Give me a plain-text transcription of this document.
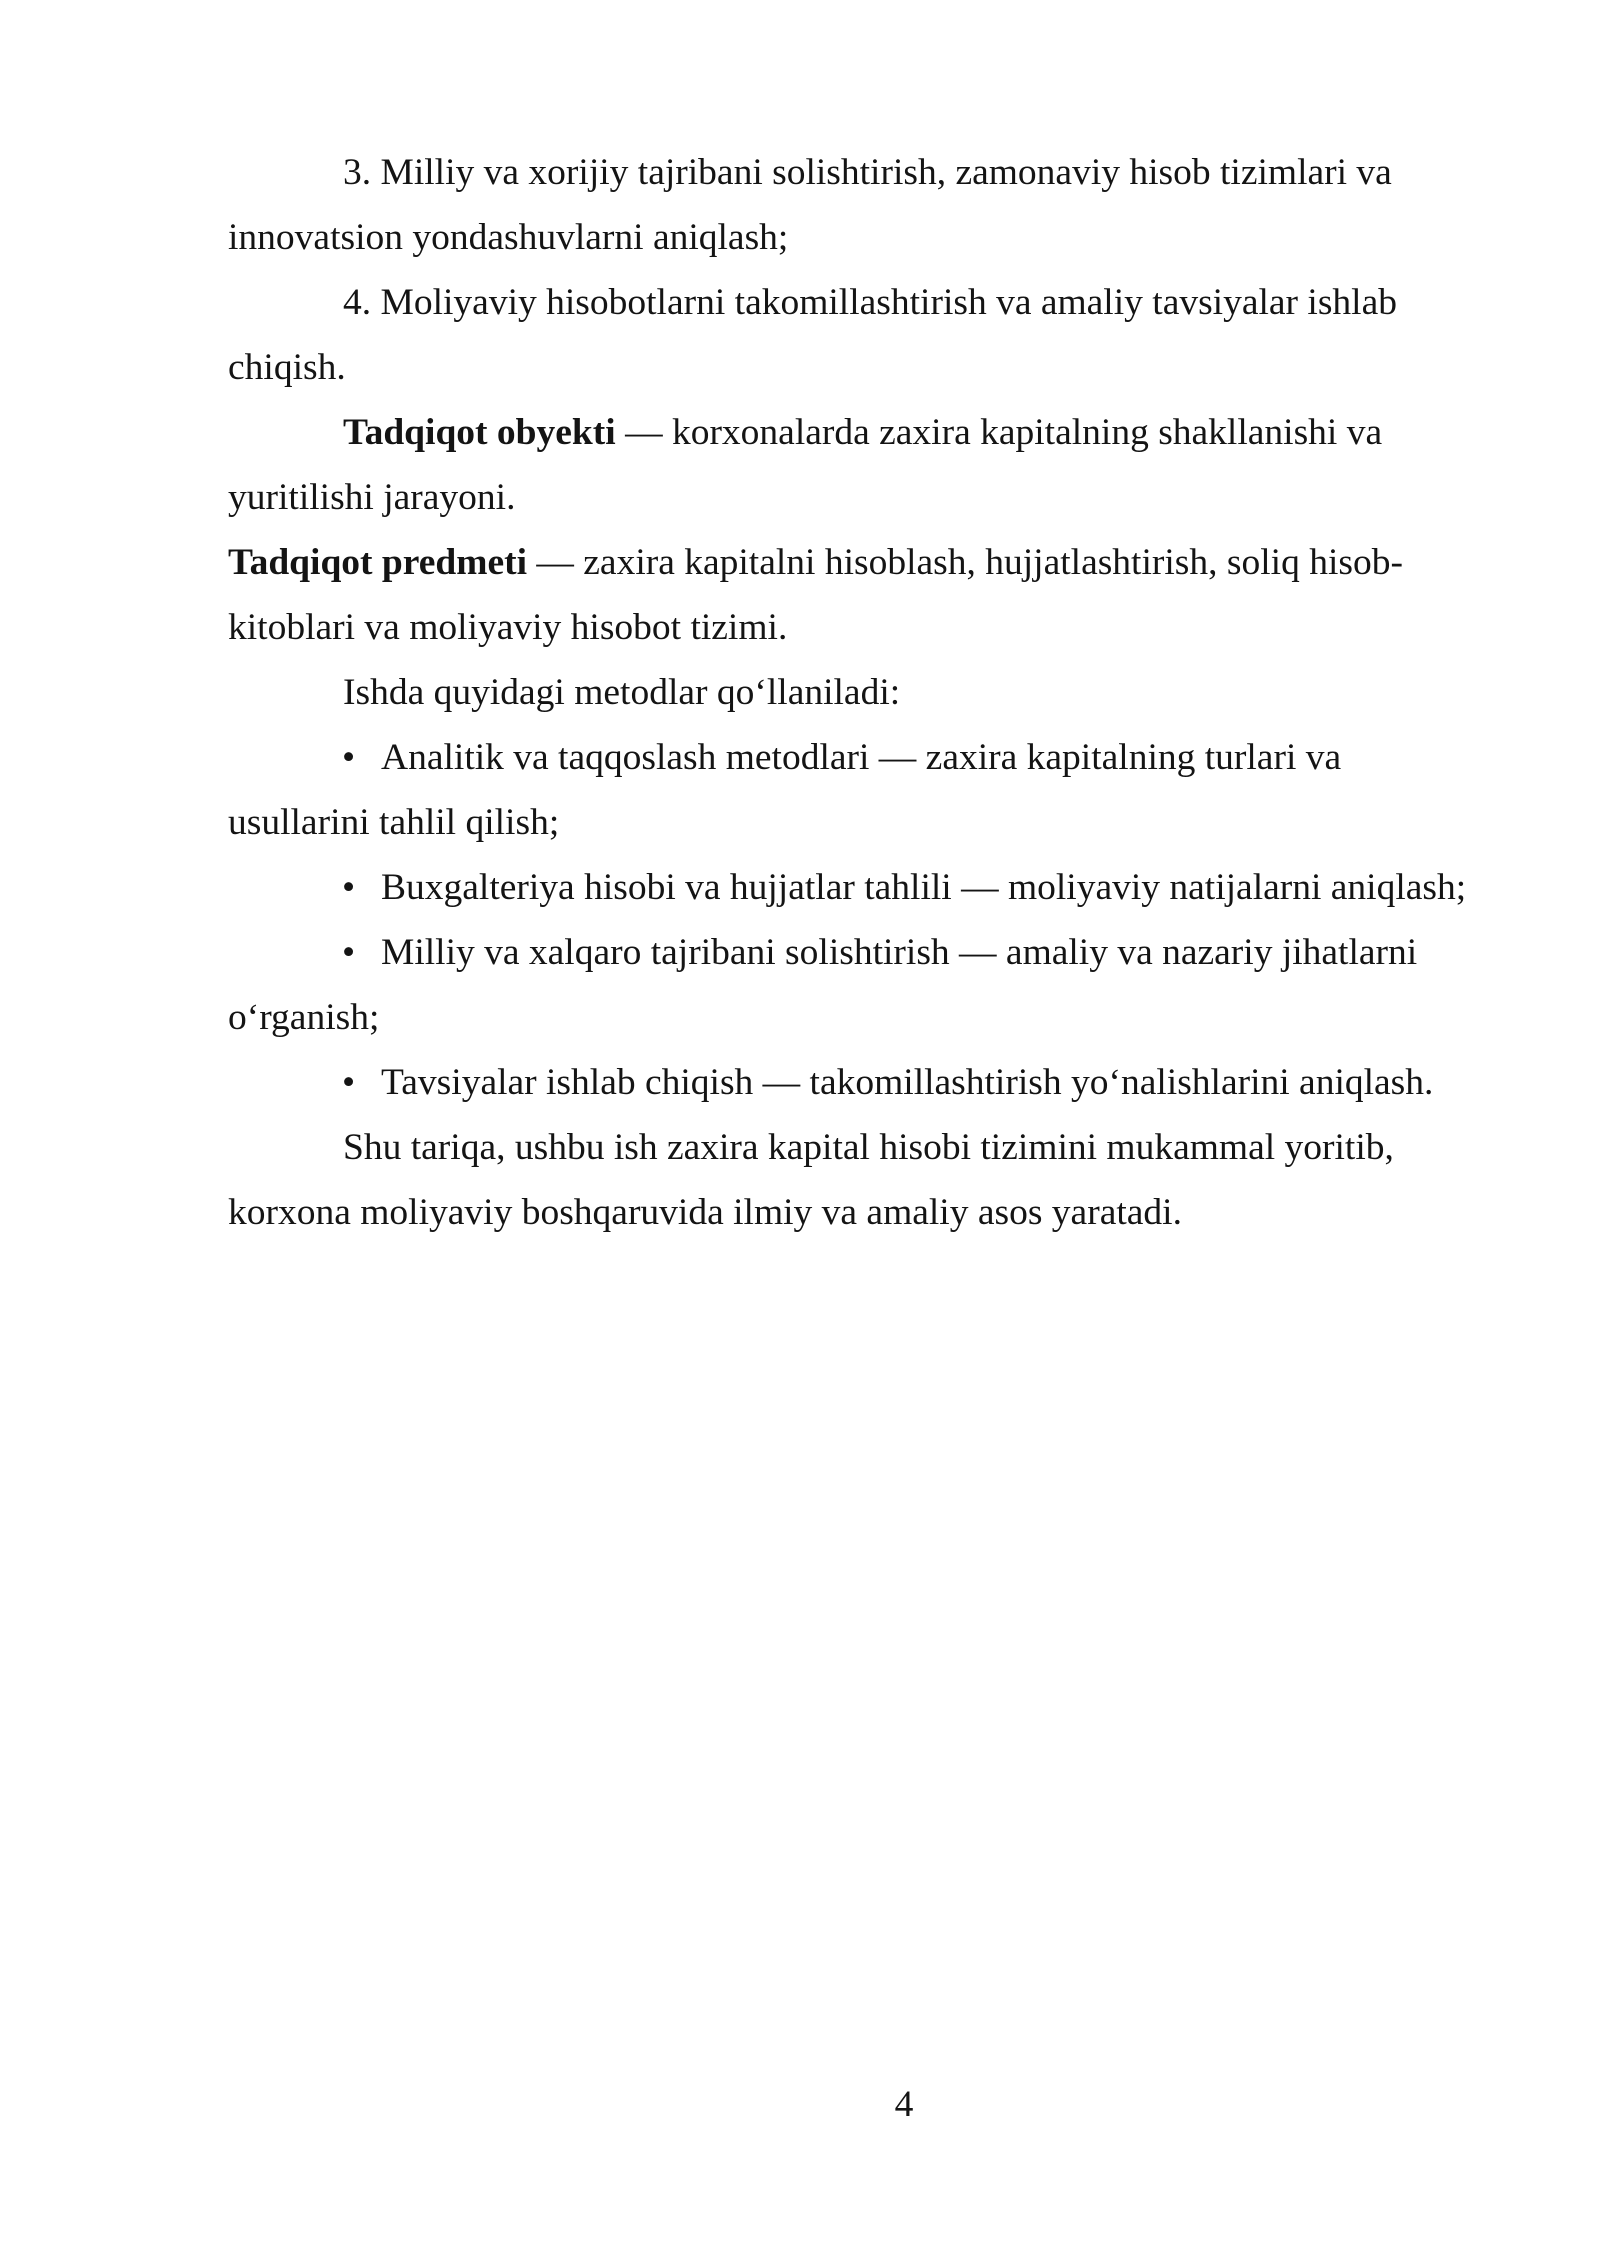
3. Milliy va xorijiy tajribani solishtirish, zamonaviy hisob tizimlari va
innovatsion yondashuvlarni aniqlash;
4. Moliyaviy hisobotlarni takomillashtirish va amaliy tavsiyalar ishlab
chiqish.
Tadqiqot obyekti — korxonalarda zaxira kapitalning shakllanishi va
yuritilishi jarayoni.
Tadqiqot predmeti — zaxira kapitalni hisoblash, hujjatlashtirish, soliq hisob-
kitoblari va moliyaviy hisobot tizimi.
Ishda quyidagi metodlar qo‘llaniladi:
• Analitik va taqqoslash metodlari — zaxira kapitalning turlari va
usullarini tahlil qilish;
• Buxgalteriya hisobi va hujjatlar tahlili — moliyaviy natijalarni aniqlash;
• Milliy va xalqaro tajribani solishtirish — amaliy va nazariy jihatlarni
o‘rganish;
• Tavsiyalar ishlab chiqish — takomillashtirish yo‘nalishlarini aniqlash.
Shu tariqa, ushbu ish zaxira kapital hisobi tizimini mukammal yoritib,
korxona moliyaviy boshqaruvida ilmiy va amaliy asos yaratadi.
4
